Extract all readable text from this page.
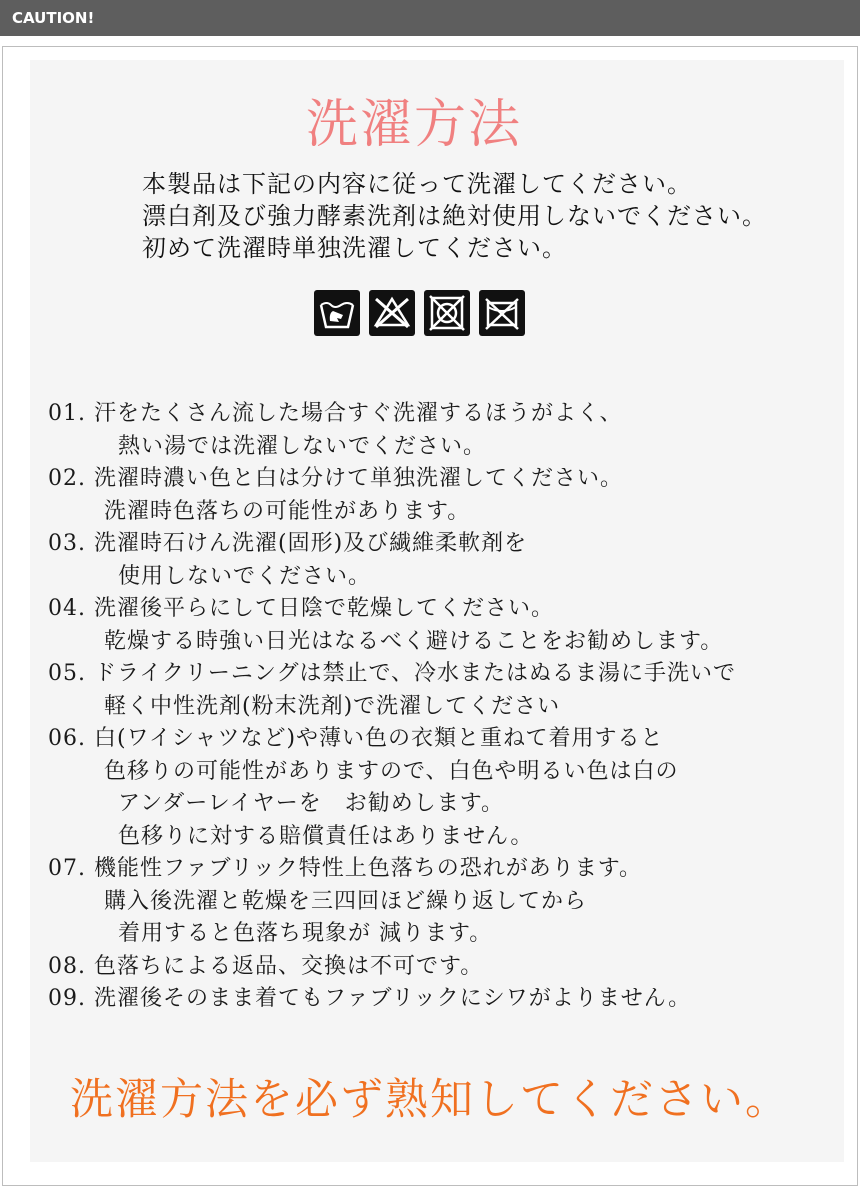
CAUTION!
洗濯方法
本製品は下記の内容に従って洗濯してください。
漂白剤及び強力酵素洗剤は絶対使用しないでください。
初めて洗濯時単独洗濯してください。
01. 汗をたくさん流した場合すぐ洗濯するほうがよく、
熱い湯では洗濯しないでください。
02. 洗濯時濃い色と白は分けて単独洗濯してください。
洗濯時色落ちの可能性があります。
03. 洗濯時石けん洗濯(固形)及び繊維柔軟剤を
使用しないでください。
04. 洗濯後平らにして日陰で乾燥してください。
乾燥する時強い日光はなるべく避けることをお勧めします。
05. ドライクリーニングは禁止で、冷水またはぬるま湯に手洗いで
軽く中性洗剤(粉末洗剤)で洗濯してください
06. 白(ワイシャツなど)や薄い色の衣類と重ねて着用すると
色移りの可能性がありますので、白色や明るい色は白の
アンダーレイヤーを　お勧めします。
色移りに対する賠償責任はありません。
07. 機能性ファブリック特性上色落ちの恐れがあります。
購入後洗濯と乾燥を三四回ほど繰り返してから
着用すると色落ち現象が 減ります。
08. 色落ちによる返品、交換は不可です。
09. 洗濯後そのまま着てもファブリックにシワがよりません。
洗濯方法を必ず熟知してください。
